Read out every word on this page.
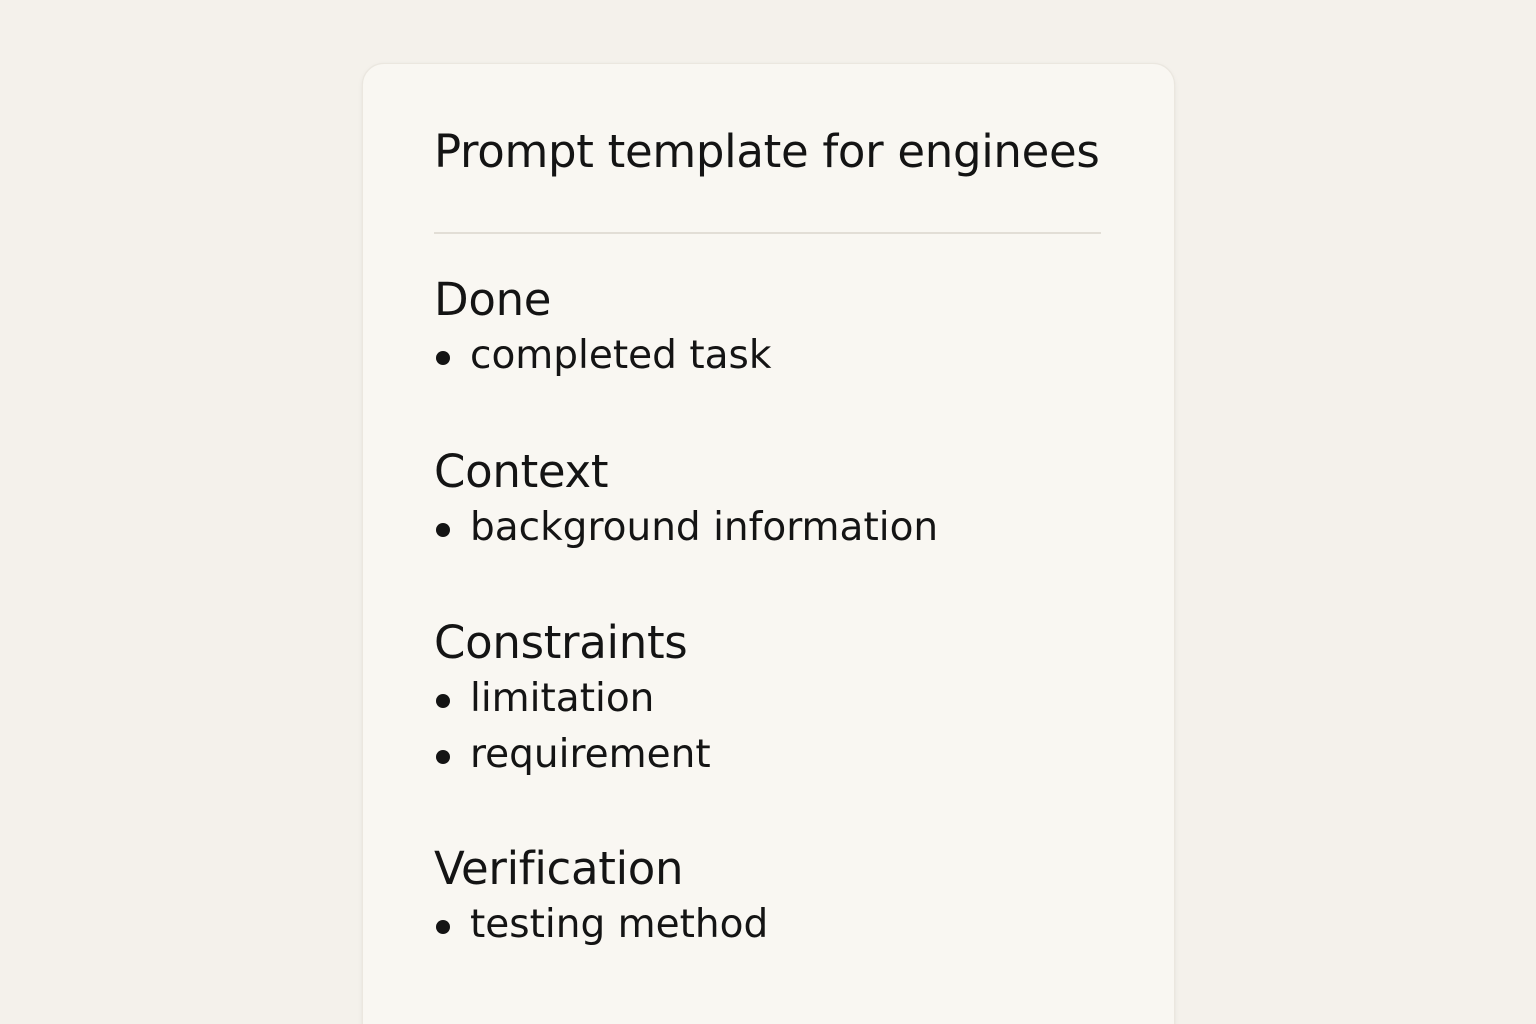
Prompt template for enginees
Done
completed task
Context
background information
Constraints
limitation
requirement
Verification
testing method
